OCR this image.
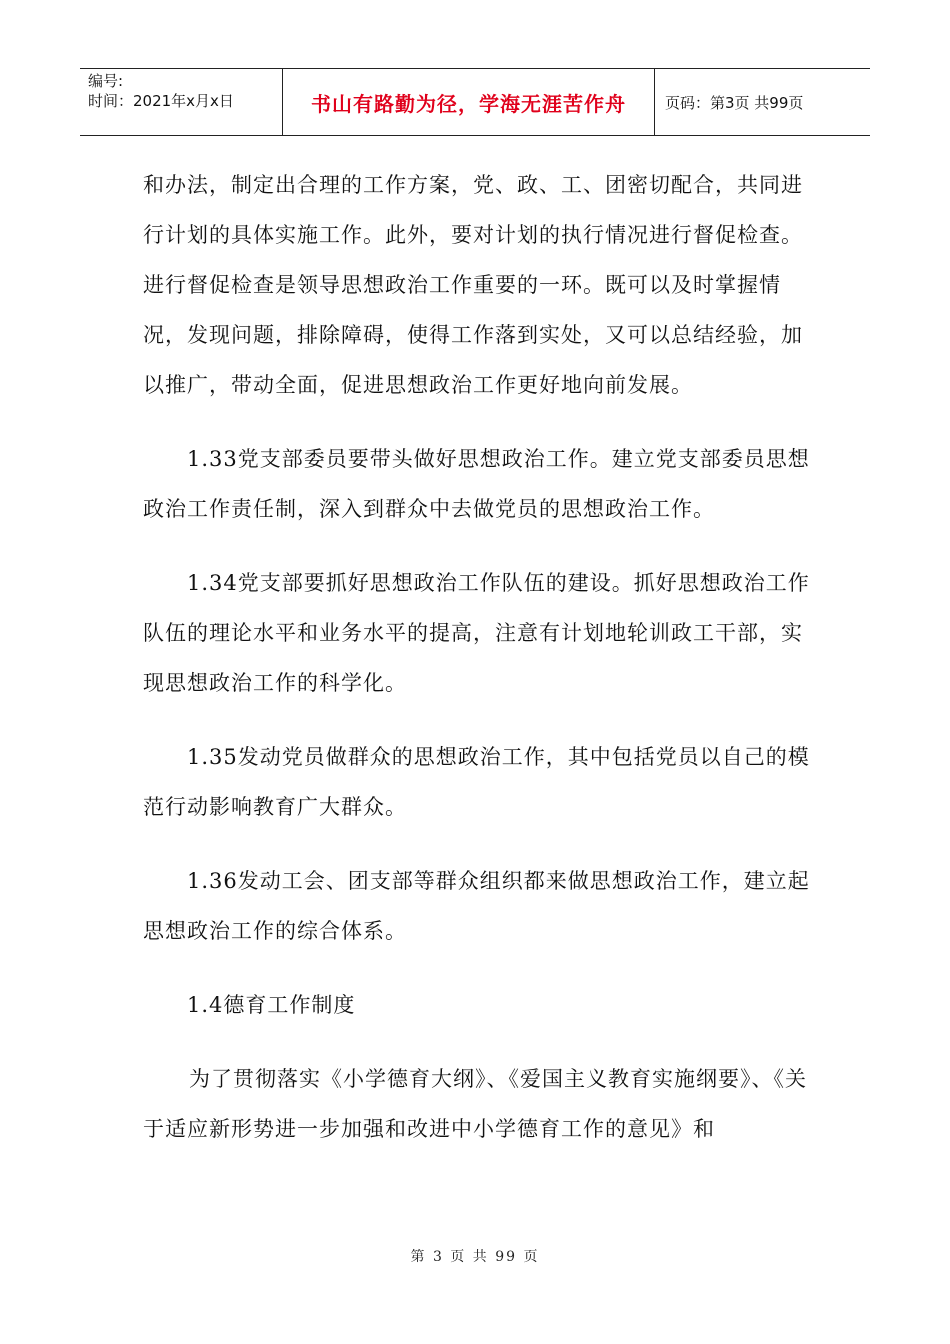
编号:
时间：2021年x月x日	书山有路勤为径，学海无涯苦作舟	页码：第3页 共99页

和办法，制定出合理的工作方案，党、政、工、团密切配合，共同进行计划的具体实施工作。此外，要对计划的执行情况进行督促检查。进行督促检查是领导思想政治工作重要的一环。既可以及时掌握情况，发现问题，排除障碍，使得工作落到实处，又可以总结经验，加以推广，带动全面，促进思想政治工作更好地向前发展。

1.33党支部委员要带头做好思想政治工作。建立党支部委员思想政治工作责任制，深入到群众中去做党员的思想政治工作。

1.34党支部要抓好思想政治工作队伍的建设。抓好思想政治工作队伍的理论水平和业务水平的提高，注意有计划地轮训政工干部，实现思想政治工作的科学化。

1.35发动党员做群众的思想政治工作，其中包括党员以自己的模范行动影响教育广大群众。

1.36发动工会、团支部等群众组织都来做思想政治工作，建立起思想政治工作的综合体系。

1.4德育工作制度

为了贯彻落实《小学德育大纲》、《爱国主义教育实施纲要》、《关于适应新形势进一步加强和改进中小学德育工作的意见》和

第 3 页 共 99 页
